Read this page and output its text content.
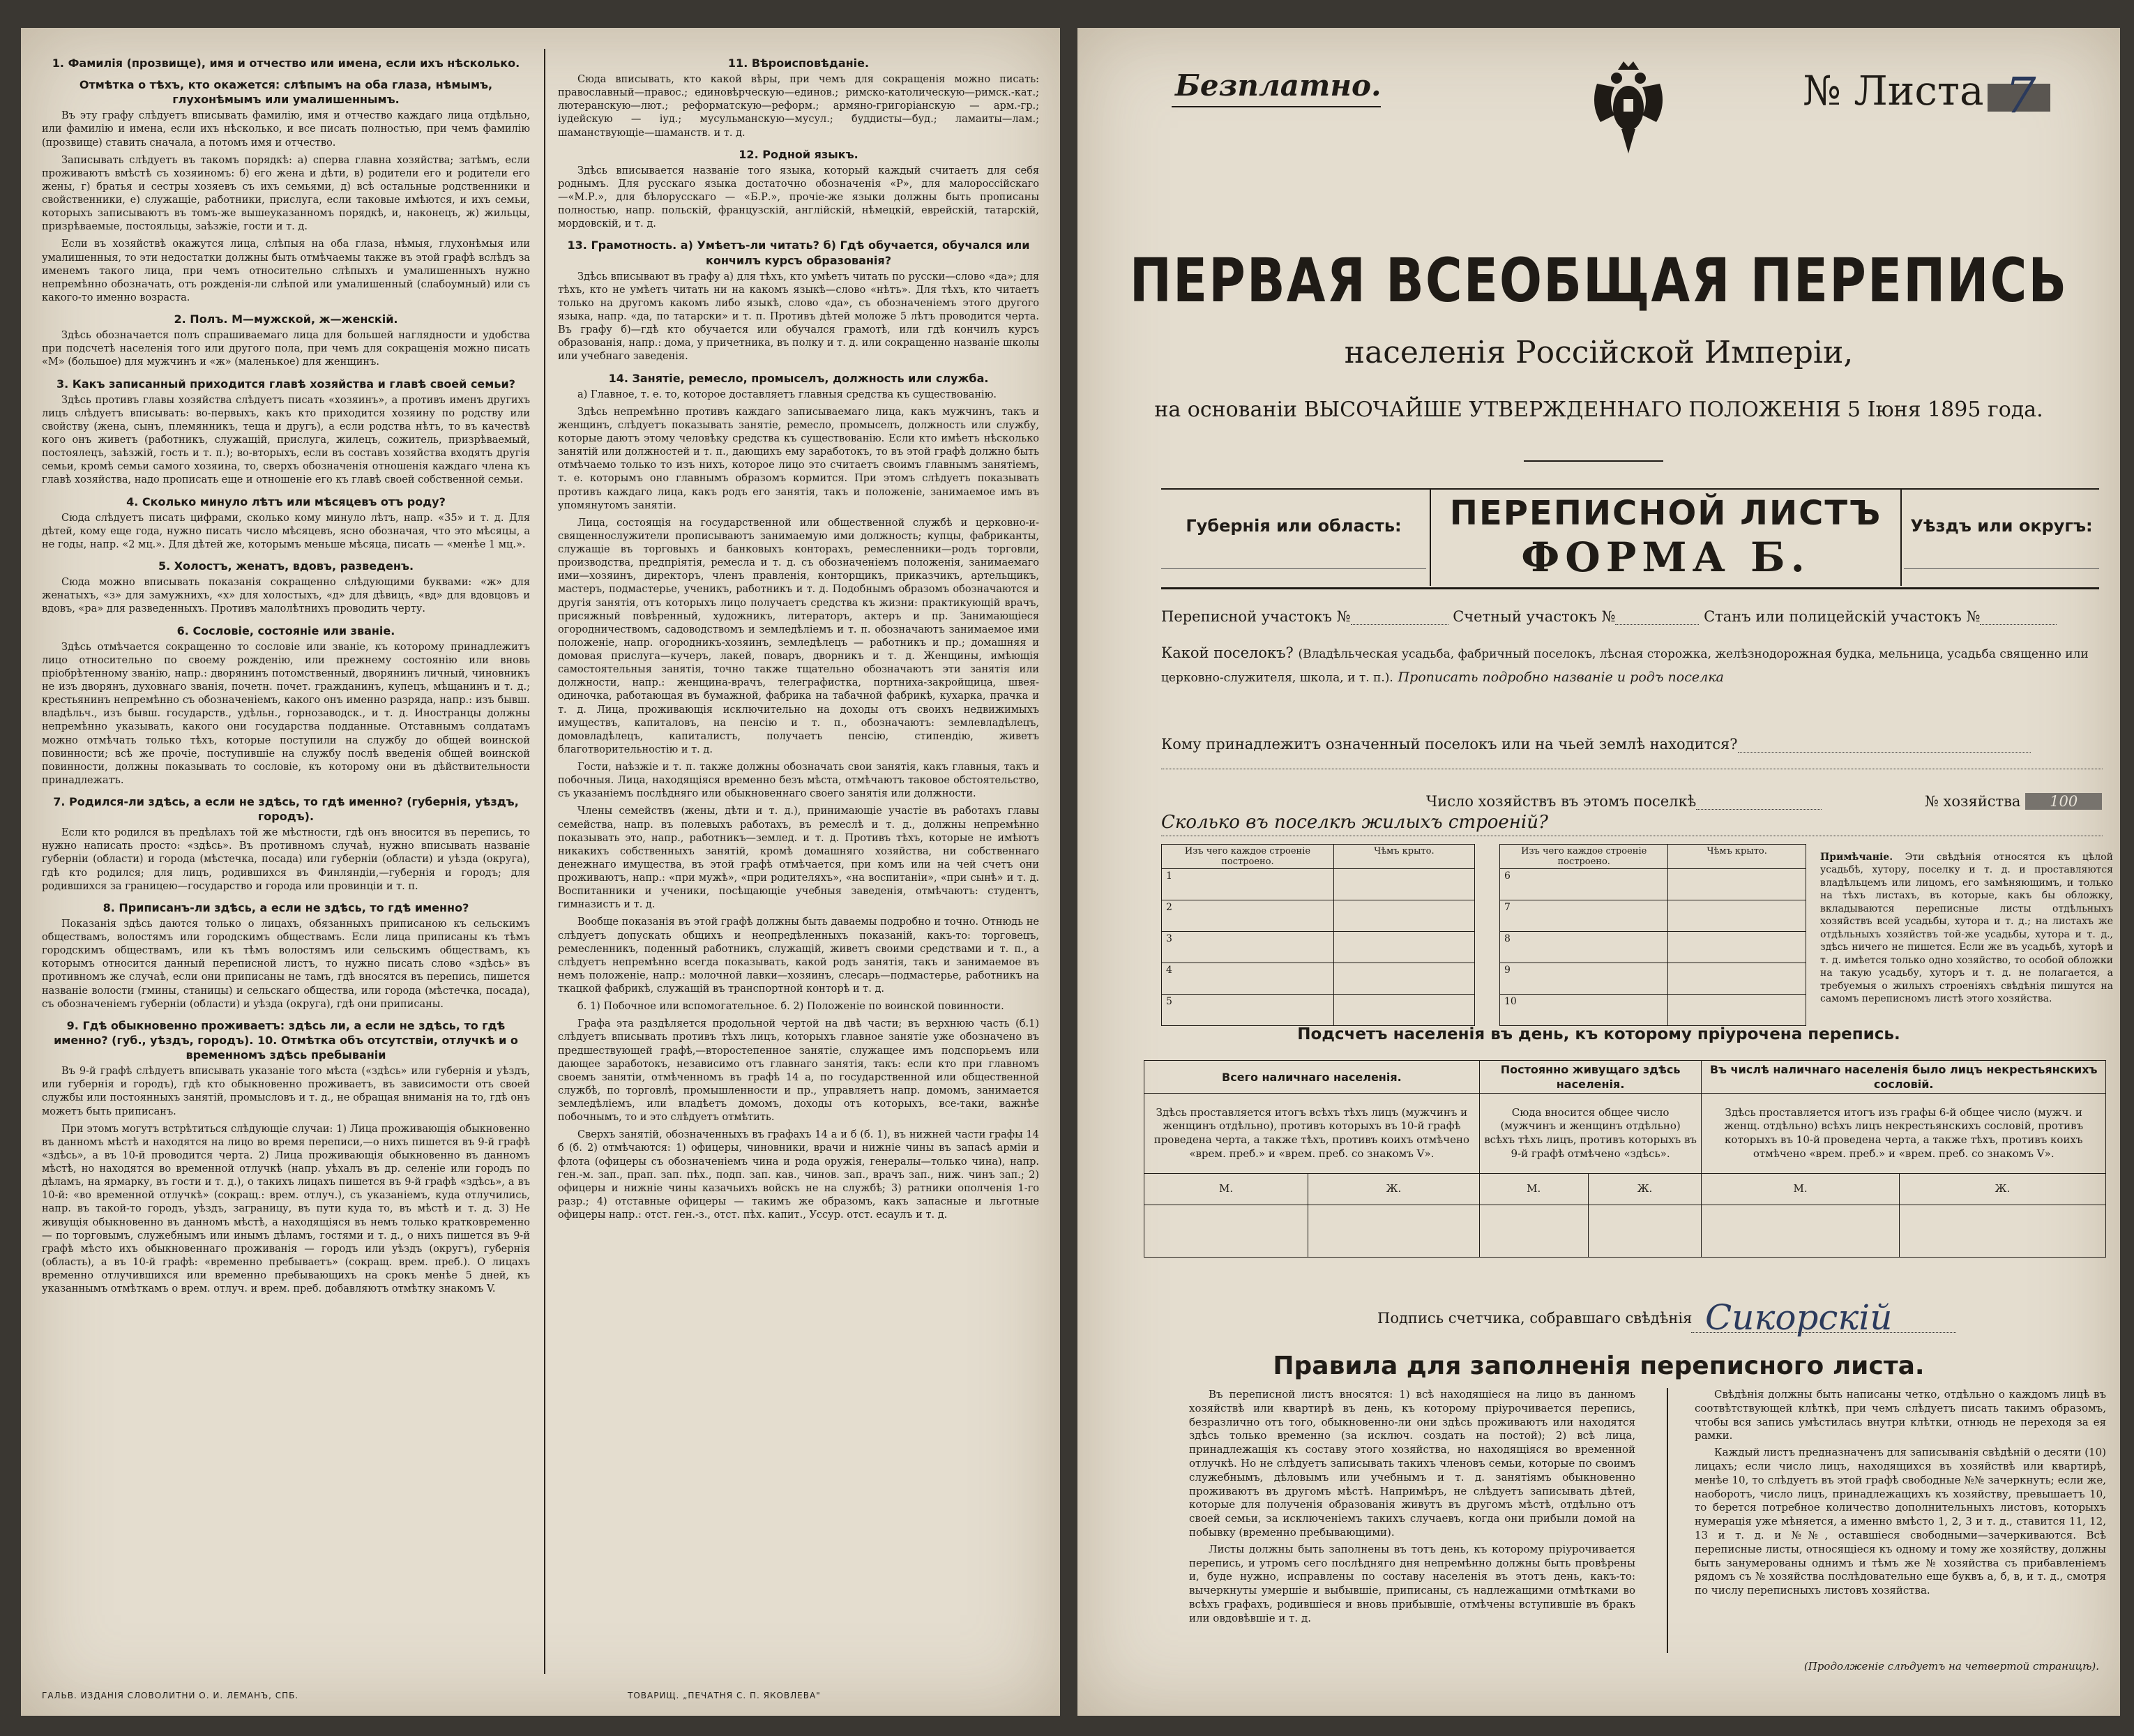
1. Фамилія (прозвище), имя и отчество или имена, если ихъ нѣсколько.
Отмѣтка о тѣхъ, кто окажется: слѣпымъ на оба глаза, нѣмымъ, глухонѣмымъ или умалишеннымъ.

Въ эту графу слѣдуетъ вписывать фамилію, имя и отчество каждаго лица отдѣльно, или фамилію и имена, если ихъ нѣсколько, и все писать полностью, при чемъ фамилію (прозвище) ставить сначала, а потомъ имя и отчество.

Записывать слѣдуетъ въ такомъ порядкѣ: а) сперва главна хозяйства; затѣмъ, если проживаютъ вмѣстѣ съ хозяиномъ: б) его жена и дѣти, в) родители его и родители его жены, г) братья и сестры хозяевъ съ ихъ семьями, д) всѣ остальные родственники и свойственники, е) служащіе, работники, прислуга, если таковые имѣются, и ихъ семьи, которыхъ записываютъ въ томъ-же вышеуказанномъ порядкѣ, и, наконецъ, ж) жильцы, призрѣваемые, постояльцы, заѣзжіе, гости и т. д.

Если въ хозяйствѣ окажутся лица, слѣпыя на оба глаза, нѣмыя, глухонѣмыя или умалишенныя, то эти недостатки должны быть отмѣчаемы также въ этой графѣ вслѣдъ за именемъ такого лица, при чемъ относительно слѣпыхъ и умалишенныхъ нужно непремѣнно обозначать, отъ рожденія-ли слѣпой или умалишенный (слабоумный) или съ какого-то именно возраста.

2. Полъ. М—мужской, ж—женскій.

Здѣсь обозначается полъ спрашиваемаго лица для большей наглядности и удобства при подсчетѣ населенія того или другого пола, при чемъ для сокращенія можно писать «М» (большое) для мужчинъ и «ж» (маленькое) для женщинъ.

3. Какъ записанный приходится главѣ хозяйства и главѣ своей семьи?

Здѣсь противъ главы хозяйства слѣдуетъ писать «хозяинъ», а противъ именъ другихъ лицъ слѣдуетъ вписывать: во-первыхъ, какъ кто приходится хозяину по родству или свойству (жена, сынъ, племянникъ, теща и другъ), а если родства нѣтъ, то въ качествѣ кого онъ живетъ (работникъ, служащій, прислуга, жилецъ, сожитель, призрѣваемый, постоялецъ, заѣзжій, гость и т. п.); во-вторыхъ, если въ составъ хозяйства входятъ другія семьи, кромѣ семьи самого хозяина, то, сверхъ обозначенія отношенія каждаго члена къ главѣ хозяйства, надо прописать еще и отношеніе его къ главѣ своей собственной семьи.

4. Сколько минуло лѣтъ или мѣсяцевъ отъ роду?

Сюда слѣдуетъ писать цифрами, сколько кому минуло лѣтъ, напр. «35» и т. д. Для дѣтей, кому еще года, нужно писать число мѣсяцевъ, ясно обозначая, что это мѣсяцы, а не годы, напр. «2 мц.». Для дѣтей же, которымъ меньше мѣсяца, писать — «менѣе 1 мц.».

5. Холостъ, женатъ, вдовъ, разведенъ.

Сюда можно вписывать показанія сокращенно слѣдующими буквами: «ж» для женатыхъ, «з» для замужнихъ, «х» для холостыхъ, «д» для дѣвицъ, «вд» для вдовцовъ и вдовъ, «ра» для разведенныхъ. Противъ малолѣтнихъ проводить черту.

6. Сословіе, состояніе или званіе.

Здѣсь отмѣчается сокращенно то сословіе или званіе, къ которому принадлежитъ лицо относительно по своему рожденію, или прежнему состоянію или вновь пріобрѣтенному званію, напр.: дворянинъ потомственный, дворянинъ личный, чиновникъ не изъ дворянъ, духовнаго званія, почетн. почет. гражданинъ, купецъ, мѣщанинъ и т. д.; крестьянинъ непремѣнно съ обозначеніемъ, какого онъ именно разряда, напр.: изъ бывш. владѣльч., изъ бывш. государств., удѣльн., горнозаводск., и т. д. Иностранцы должны непремѣнно указывать, какого они государства подданные. Отставнымъ солдатамъ можно отмѣчать только тѣхъ, которые поступили на службу до общей воинской повинности; всѣ же прочіе, поступившіе на службу послѣ введенія общей воинской повинности, должны показывать то сословіе, къ которому они въ дѣйствительности принадлежатъ.

7. Родился-ли здѣсь, а если не здѣсь, то гдѣ именно? (губернія, уѣздъ, городъ).

Если кто родился въ предѣлахъ той же мѣстности, гдѣ онъ вносится въ перепись, то нужно написать просто: «здѣсь». Въ противномъ случаѣ, нужно вписывать названіе губерніи (области) и города (мѣстечка, посада) или губерніи (области) и уѣзда (округа), гдѣ кто родился; для лицъ, родившихся въ Финляндіи,—губернія и городъ; для родившихся за границею—государство и города или провинціи и т. п.

8. Приписанъ-ли здѣсь, а если не здѣсь, то гдѣ именно?

Показанія здѣсь даются только о лицахъ, обязанныхъ приписаною къ сельскимъ обществамъ, волостямъ или городскимъ обществамъ. Если лица приписаны къ тѣмъ городскимъ обществамъ, или къ тѣмъ волостямъ или сельскимъ обществамъ, къ которымъ относится данный переписной листъ, то нужно писать слово «здѣсь» въ противномъ же случаѣ, если они приписаны не тамъ, гдѣ вносятся въ перепись, пишется названіе волости (гмины, станицы) и сельскаго общества, или города (мѣстечка, посада), съ обозначеніемъ губерніи (области) и уѣзда (округа), гдѣ они приписаны.

9. Гдѣ обыкновенно проживаетъ: здѣсь ли, а если не здѣсь, то гдѣ именно? (губ., уѣздъ, городъ). 10. Отмѣтка объ отсутствіи, отлучкѣ и о временномъ здѣсь пребываніи

Въ 9-й графѣ слѣдуетъ вписывать указаніе того мѣста («здѣсь» или губернія и уѣздъ, или губернія и городъ), гдѣ кто обыкновенно проживаетъ, въ зависимости отъ своей службы или постоянныхъ занятій, промысловъ и т. д., не обращая вниманія на то, гдѣ онъ можетъ быть приписанъ.

При этомъ могутъ встрѣтиться слѣдующіе случаи: 1) Лица проживающія обыкновенно въ данномъ мѣстѣ и находятся на лицо во время переписи,—о нихъ пишется въ 9-й графѣ «здѣсь», а въ 10-й проводится черта. 2) Лица проживающія обыкновенно въ данномъ мѣстѣ, но находятся во временной отлучкѣ (напр. уѣхалъ въ др. селеніе или городъ по дѣламъ, на ярмарку, въ гости и т. д.), о такихъ лицахъ пишется въ 9-й графѣ «здѣсь», а въ 10-й: «во временной отлучкѣ» (сокращ.: врем. отлуч.), съ указаніемъ, куда отлучились, напр. въ такой-то городъ, уѣздъ, заграницу, въ пути куда то, въ мѣстѣ и т. д. 3) Не живущія обыкновенно въ данномъ мѣстѣ, а находящіяся въ немъ только кратковременно — по торговымъ, служебнымъ или инымъ дѣламъ, гостями и т. д., о нихъ пишется въ 9-й графѣ мѣсто ихъ обыкновеннаго проживанія — городъ или уѣздъ (округъ), губернія (область), а въ 10-й графѣ: «временно пребываетъ» (сокращ. врем. преб.). О лицахъ временно отлучившихся или временно пребывающихъ на срокъ менѣе 5 дней, къ указаннымъ отмѣткамъ о врем. отлуч. и врем. преб. добавляютъ отмѣтку знакомъ V.

11. Вѣроисповѣданіе.

Сюда вписывать, кто какой вѣры, при чемъ для сокращенія можно писать: православный—правос.; единовѣрческую—единов.; римско-католическую—римск.-кат.; лютеранскую—лют.; реформатскую—реформ.; армяно-григоріанскую — арм.-гр.; іудейскую — іуд.; мусульманскую—мусул.; буддисты—буд.; ламаиты—лам.; шаманствующіе—шаманств. и т. д.

12. Родной языкъ.

Здѣсь вписывается названіе того языка, который каждый считаетъ для себя роднымъ. Для русскаго языка достаточно обозначенія «Р», для малороссійскаго—«М.Р.», для бѣлорусскаго — «Б.Р.», прочіе-же языки должны быть прописаны полностью, напр. польскій, французскій, англійскій, нѣмецкій, еврейскій, татарскій, мордовскій, и т. д.

13. Грамотность. а) Умѣетъ-ли читать? б) Гдѣ обучается, обучался или кончилъ курсъ образованія?

Здѣсь вписывают въ графу а) для тѣхъ, кто умѣетъ читать по русски—слово «да»; для тѣхъ, кто не умѣетъ читать ни на какомъ языкѣ—слово «нѣтъ». Для тѣхъ, кто читаетъ только на другомъ какомъ либо языкѣ, слово «да», съ обозначеніемъ этого другого языка, напр. «да, по татарски» и т. п. Противъ дѣтей моложе 5 лѣтъ проводится черта. Въ графу б)—гдѣ кто обучается или обучался грамотѣ, или гдѣ кончилъ курсъ образованія, напр.: дома, у причетника, въ полку и т. д. или сокращенно названіе школы или учебнаго заведенія.

14. Занятіе, ремесло, промыселъ, должность или служба.

а) Главное, т. е. то, которое доставляетъ главныя средства къ существованію.

Здѣсь непремѣнно противъ каждаго записываемаго лица, какъ мужчинъ, такъ и женщинъ, слѣдуетъ показывать занятіе, ремесло, промыселъ, должность или службу, которые даютъ этому человѣку средства къ существованію. Если кто имѣетъ нѣсколько занятій или должностей и т. п., дающихъ ему заработокъ, то въ этой графѣ должно быть отмѣчаемо только то изъ нихъ, которое лицо это считаетъ своимъ главнымъ занятіемъ, т. е. которымъ оно главнымъ образомъ кормится. При этомъ слѣдуетъ показывать противъ каждаго лица, какъ родъ его занятія, такъ и положеніе, занимаемое имъ въ упомянутомъ занятіи.

Лица, состоящія на государственной или общественной службѣ и церковно-и-священнослужители прописываютъ занимаемую ими должность; купцы, фабриканты, служащіе въ торговыхъ и банковыхъ конторахъ, ремесленники—родъ торговли, производства, предпріятія, ремесла и т. д. съ обозначеніемъ положенія, занимаемаго ими—хозяинъ, директоръ, членъ правленія, конторщикъ, приказчикъ, артельщикъ, мастеръ, подмастерье, ученикъ, работникъ и т. д. Подобнымъ образомъ обозначаются и другія занятія, отъ которыхъ лицо получаетъ средства къ жизни: практикующій врачъ, присяжный повѣренный, художникъ, литераторъ, актеръ и пр. Занимающіеся огородничествомъ, садоводствомъ и земледѣліемъ и т. п. обозначаютъ занимаемое ими положеніе, напр. огородникъ-хозяинъ, земледѣлецъ — работникъ и пр.; домашняя и домовая прислуга—кучеръ, лакей, поваръ, дворникъ и т. д. Женщины, имѣющія самостоятельныя занятія, точно также тщательно обозначаютъ эти занятія или должности, напр.: женщина-врачъ, телеграфистка, портниха-закройщица, швея-одиночка, работающая въ бумажной, фабрика на табачной фабрикѣ, кухарка, прачка и т. д. Лица, проживающія исключительно на доходы отъ своихъ недвижимыхъ имуществъ, капиталовъ, на пенсію и т. п., обозначаютъ: землевладѣлецъ, домовладѣлецъ, капиталистъ, получаетъ пенсію, стипендію, живетъ благотворительностію и т. д.

Гости, наѣзжіе и т. п. также должны обозначать свои занятія, какъ главныя, такъ и побочныя. Лица, находящіяся временно безъ мѣста, отмѣчаютъ таковое обстоятельство, съ указаніемъ послѣдняго или обыкновеннаго своего занятія или должности.

Члены семействъ (жены, дѣти и т. д.), принимающіе участіе въ работахъ главы семейства, напр. въ полевыхъ работахъ, въ ремеслѣ и т. д., должны непремѣнно показывать это, напр., работникъ—землед. и т. д. Противъ тѣхъ, которые не имѣютъ никакихъ собственныхъ занятій, кромѣ домашняго хозяйства, ни собственнаго денежнаго имущества, въ этой графѣ отмѣчается, при комъ или на чей счетъ они проживаютъ, напр.: «при мужѣ», «при родителяхъ», «на воспитаніи», «при сынѣ» и т. д. Воспитанники и ученики, посѣщающіе учебныя заведенія, отмѣчаютъ: студентъ, гимназистъ и т. д.

Вообще показанія въ этой графѣ должны быть даваемы подробно и точно. Отнюдь не слѣдуетъ допускать общихъ и неопредѣленныхъ показаній, какъ-то: торговецъ, ремесленникъ, поденный работникъ, служащій, живетъ своими средствами и т. п., а слѣдуетъ непремѣнно всегда показывать, какой родъ занятія, такъ и занимаемое въ немъ положеніе, напр.: молочной лавки—хозяинъ, слесарь—подмастерье, работникъ на ткацкой фабрикѣ, служащій въ транспортной конторѣ и т. д.

б. 1) Побочное или вспомогательное. б. 2) Положеніе по воинской повинности.

Графа эта раздѣляется продольной чертой на двѣ части; въ верхнюю часть (б.1) слѣдуетъ вписывать противъ тѣхъ лицъ, которыхъ главное занятіе уже обозначено въ предшествующей графѣ,—второстепенное занятіе, служащее имъ подспорьемъ или дающее заработокъ, независимо отъ главнаго занятія, такъ: если кто при главномъ своемъ занятіи, отмѣченномъ въ графѣ 14 а, по государственной или общественной службѣ, по торговлѣ, промышленности и пр., управляетъ напр. домомъ, занимается земледѣліемъ, или владѣетъ домомъ, доходы отъ которыхъ, все-таки, важнѣе побочнымъ, то и это слѣдуетъ отмѣтить.

Сверхъ занятій, обозначенныхъ въ графахъ 14 а и б (б. 1), въ нижней части графы 14 б (б. 2) отмѣчаются: 1) офицеры, чиновники, врачи и нижніе чины въ запасѣ арміи и флота (офицеры съ обозначеніемъ чина и рода оружія, генералы—только чина), напр. ген.-м. зап., прап. зап. пѣх., подп. зап. кав., чинов. зап., врачъ зап., ниж. чинъ зап.; 2) офицеры и нижніе чины казачьихъ войскъ не на службѣ; 3) ратники ополченія 1-го разр.; 4) отставные офицеры — такимъ же образомъ, какъ запасные и льготные офицеры напр.: отст. ген.-з., отст. пѣх. капит., Уссур. отст. есаулъ и т. д.

ГАЛЬВ. ИЗДАНІЯ СЛОВОЛИТНИ О. И. ЛЕМАНЪ, СПБ.	ТОВАРИЩ. „ПЕЧАТНЯ С. П. ЯКОВЛЕВА"
Безплатно.	№ Листа 7
ПЕРВАЯ ВСЕОБЩАЯ ПЕРЕПИСЬ
населенія Россійской Имперіи,
на основаніи ВЫСОЧАЙШЕ УТВЕРЖДЕННАГО ПОЛОЖЕНІЯ 5 Іюня 1895 года.
Губернія или область:	Уѣздъ или округъ:
ПЕРЕПИСНОЙ ЛИСТЪ
ФОРМА Б.
Переписной участокъ №	Счетный участокъ №	Станъ или полицейскій участокъ №
Какой поселокъ? (Владѣльческая усадьба, фабричный поселокъ, лѣсная сторожка, желѣзнодорожная будка, мельница, усадьба священно или церковно-служителя, школа, и т. п.). Прописать подробно названіе и родъ поселка
Кому принадлежитъ означенный поселокъ или на чьей землѣ находится?
Число хозяйствъ въ этомъ поселкѣ	№ хозяйства 100
Сколько въ поселкѣ жилыхъ строеній?
Изъ чего каждое строеніе построено.	Чѣмъ крыто.
1	
2	
3	
4	
5	
Изъ чего каждое строеніе построено.	Чѣмъ крыто.
6	
7	
8	
9	
10	
Примѣчаніе. Эти свѣдѣнія относятся къ цѣлой усадьбѣ, хутору, поселку и т. д. и проставляются владѣльцемъ или лицомъ, его замѣняющимъ, и только на тѣхъ листахъ, въ которые, какъ бы обложку, вкладываются переписные листы отдѣльныхъ хозяйствъ всей усадьбы, хутора и т. д.; на листахъ же отдѣльныхъ хозяйствъ той-же усадьбы, хутора и т. д., здѣсь ничего не пишется. Если же въ усадьбѣ, хуторѣ и т. д. имѣется только одно хозяйство, то особой обложки на такую усадьбу, хуторъ и т. д. не полагается, а требуемыя о жилыхъ строеніяхъ свѣдѣнія пишутся на самомъ переписномъ листѣ этого хозяйства.
Подсчетъ населенія въ день, къ которому пріурочена перепись.
Всего наличнаго населенія.		Постоянно живущаго здѣсь населенія.		Въ числѣ наличнаго населенія было лицъ некрестьянскихъ сословій.	
Здѣсь проставляется итогъ всѣхъ тѣхъ лицъ (мужчинъ и женщинъ отдѣльно), противъ которыхъ въ 10-й графѣ проведена черта, а также тѣхъ, противъ коихъ отмѣчено «врем. преб.» и «врем. преб. со знакомъ V».		Сюда вносится общее число (мужчинъ и женщинъ отдѣльно) всѣхъ тѣхъ лицъ, противъ которыхъ въ 9-й графѣ отмѣчено «здѣсь».		Здѣсь проставляется итогъ изъ графы 6-й общее число (мужч. и женщ. отдѣльно) всѣхъ лицъ некрестьянскихъ сословій, противъ которыхъ въ 10-й проведена черта, а также тѣхъ, противъ коихъ отмѣчено «врем. преб.» и «врем. преб. со знакомъ V».	
М.	Ж.	М.	Ж.	М.	Ж.

Подпись счетчика, собравшаго свѣдѣнія Сикорскій
Правила для заполненія переписного листа.

Въ переписной листъ вносятся: 1) всѣ находящіеся на лицо въ данномъ хозяйствѣ или квартирѣ въ день, къ которому пріурочивается перепись, безразлично отъ того, обыкновенно-ли они здѣсь проживаютъ или находятся здѣсь только временно (за исключ. создать на постой); 2) всѣ лица, принадлежащія къ составу этого хозяйства, но находящіяся во временной отлучкѣ. Но не слѣдуетъ записывать такихъ членовъ семьи, которые по своимъ служебнымъ, дѣловымъ или учебнымъ и т. д. занятіямъ обыкновенно проживаютъ въ другомъ мѣстѣ. Напримѣръ, не слѣдуетъ записывать дѣтей, которые для полученія образованія живутъ въ другомъ мѣстѣ, отдѣльно отъ своей семьи, за исключеніемъ такихъ случаевъ, когда они прибыли домой на побывку (временно пребывающими).

Листы должны быть заполнены въ тотъ день, къ которому пріурочивается перепись, и утромъ сего послѣдняго дня непремѣнно должны быть провѣрены и, буде нужно, исправлены по составу населенія въ этотъ день, какъ-то: вычеркнуты умершіе и выбывшіе, приписаны, съ надлежащими отмѣтками во всѣхъ графахъ, родившіеся и вновь прибывшіе, отмѣчены вступившіе въ бракъ или овдовѣвшіе и т. д.

Свѣдѣнія должны быть написаны четко, отдѣльно о каждомъ лицѣ въ соотвѣтствующей клѣткѣ, при чемъ слѣдуетъ писать такимъ образомъ, чтобы вся запись умѣстилась внутри клѣтки, отнюдь не переходя за ея рамки.

Каждый листъ предназначенъ для записыванія свѣдѣній о десяти (10) лицахъ; если число лицъ, находящихся въ хозяйствѣ или квартирѣ, менѣе 10, то слѣдуетъ въ этой графѣ свободные №№ зачеркнуть; если же, наоборотъ, число лицъ, принадлежащихъ къ хозяйству, превышаетъ 10, то берется потребное количество дополнительныхъ листовъ, которыхъ нумерація уже мѣняется, а именно вмѣсто 1, 2, 3 и т. д., ставится 11, 12, 13 и т. д. и №№, оставшіеся свободными—зачеркиваются. Всѣ переписные листы, относящіеся къ одному и тому же хозяйству, должны быть занумерованы однимъ и тѣмъ же № хозяйства съ прибавленіемъ рядомъ съ № хозяйства послѣдовательно еще буквъ а, б, в, и т. д., смотря по числу переписныхъ листовъ хозяйства.

(Продолженіе слѣдуетъ на четвертой страницѣ).
